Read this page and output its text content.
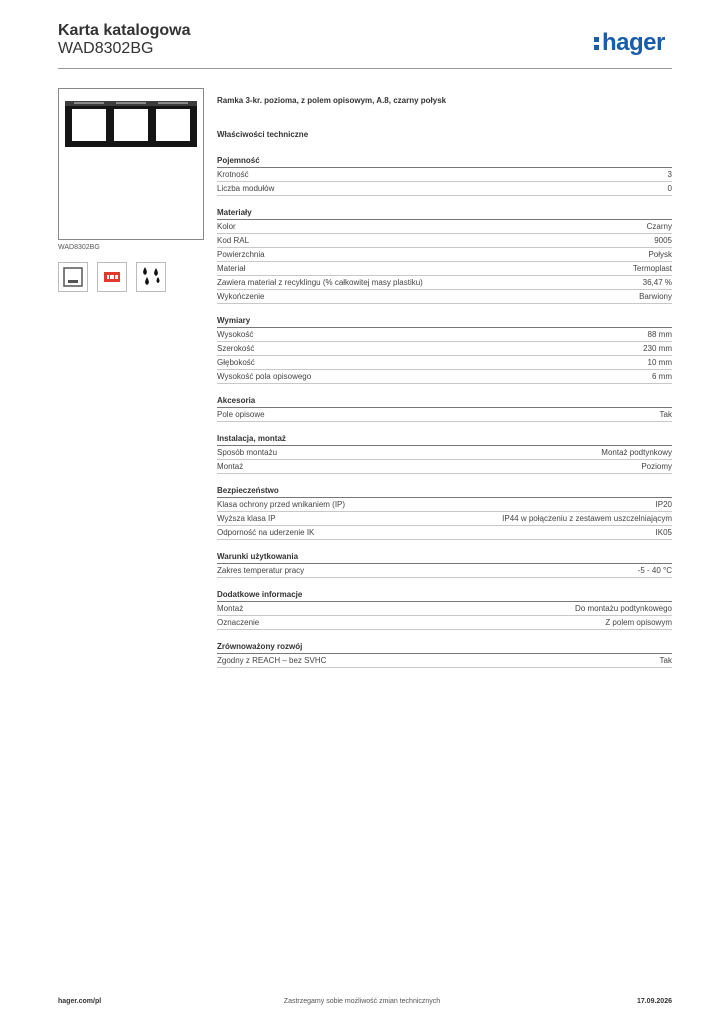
Karta katalogowa
WAD8302BG	hager
WAD8302BG
Ramka 3-kr. pozioma, z polem opisowym, A.8, czarny połysk
Właściwości techniczne
Pojemność
Krotność	3
Liczba modułów	0
Materiały
Kolor	Czarny
Kod RAL	9005
Powierzchnia	Połysk
Materiał	Termoplast
Zawiera materiał z recyklingu (% całkowitej masy plastiku)	36,47 %
Wykończenie	Barwiony
Wymiary
Wysokość	88 mm
Szerokość	230 mm
Głębokość	10 mm
Wysokość pola opisowego	6 mm
Akcesoria
Pole opisowe	Tak
Instalacja, montaż
Sposób montażu	Montaż podtynkowy
Montaż	Poziomy
Bezpieczeństwo
Klasa ochrony przed wnikaniem (IP)	IP20
Wyższa klasa IP	IP44 w połączeniu z zestawem uszczelniającym
Odporność na uderzenie IK	IK05
Warunki użytkowania
Zakres temperatur pracy	-5 - 40 °C
Dodatkowe informacje
Montaż	Do montażu podtynkowego
Oznaczenie	Z polem opisowym
Zrównoważony rozwój
Zgodny z REACH – bez SVHC	Tak
hager.com/pl	Zastrzegamy sobie możliwość zmian technicznych	17.09.2026
